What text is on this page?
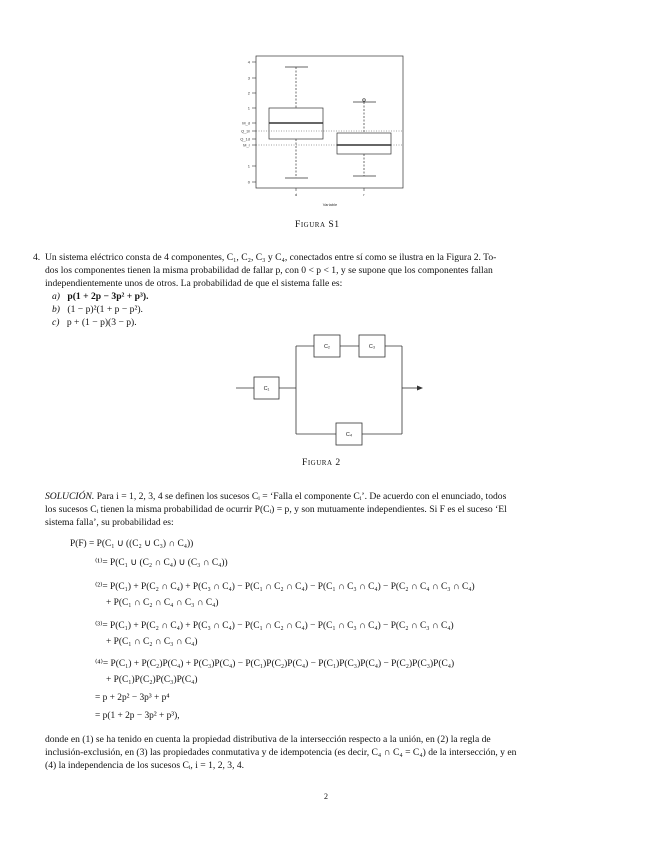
4
3
2
1
M_d
Q_3r
Q_1d
M_r
1
0
d	r
Variable
Figura S1
4. Un sistema eléctrico consta de 4 componentes, C₁, C₂, C₃ y C₄, conectados entre sí como se ilustra en la Figura 2. To-
dos los componentes tienen la misma probabilidad de fallar p, con 0 < p < 1, y se supone que los componentes fallan
independientemente unos de otros. La probabilidad de que el sistema falle es:
a) p(1 + 2p − 3p² + p³).
b) (1 − p)²(1 + p − p²).
c) p + (1 − p)(3 − p).
C₁
C₂	C₃
C₄
Figura 2
SOLUCIÓN. Para i = 1, 2, 3, 4 se definen los sucesos Cᵢ = ‘Falla el componente Cᵢ’. De acuerdo con el enunciado, todos
los sucesos Cᵢ tienen la misma probabilidad de ocurrir P(Cᵢ) = p, y son mutuamente independientes. Si F es el suceso ‘El
sistema falla’, su probabilidad es:
P(F) = P(C₁ ∪ ((C₂ ∪ C₃) ∩ C₄))
⁽¹⁾= P(C₁ ∪ (C₂ ∩ C₄) ∪ (C₃ ∩ C₄))
⁽²⁾= P(C₁) + P(C₂ ∩ C₄) + P(C₃ ∩ C₄) − P(C₁ ∩ C₂ ∩ C₄) − P(C₁ ∩ C₃ ∩ C₄) − P(C₂ ∩ C₄ ∩ C₃ ∩ C₄)
+ P(C₁ ∩ C₂ ∩ C₄ ∩ C₃ ∩ C₄)
⁽³⁾= P(C₁) + P(C₂ ∩ C₄) + P(C₃ ∩ C₄) − P(C₁ ∩ C₂ ∩ C₄) − P(C₁ ∩ C₃ ∩ C₄) − P(C₂ ∩ C₃ ∩ C₄)
+ P(C₁ ∩ C₂ ∩ C₃ ∩ C₄)
⁽⁴⁾= P(C₁) + P(C₂)P(C₄) + P(C₃)P(C₄) − P(C₁)P(C₂)P(C₄) − P(C₁)P(C₃)P(C₄) − P(C₂)P(C₃)P(C₄)
+ P(C₁)P(C₂)P(C₃)P(C₄)
= p + 2p² − 3p³ + p⁴
= p(1 + 2p − 3p² + p³),
donde en (1) se ha tenido en cuenta la propiedad distributiva de la intersección respecto a la unión, en (2) la regla de
inclusión-exclusión, en (3) las propiedades conmutativa y de idempotencia (es decir, C₄ ∩ C₄ = C₄) de la intersección, y en
(4) la independencia de los sucesos Cᵢ, i = 1, 2, 3, 4.
2
